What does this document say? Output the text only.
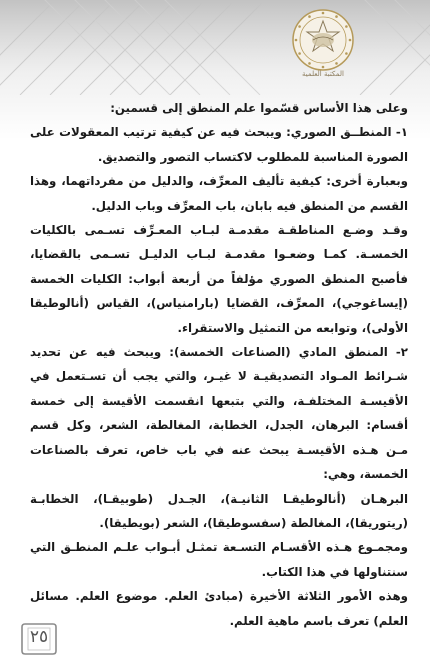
المكتبة العلمية

وعلى هذا الأساس قسّموا علم المنطق إلى قسمين:

١- المنطــق الصوري: ويبحث فيه عن كيفية ترتيب المعقولات على الصورة المناسبة للمطلوب لاكتساب التصور والتصديق.

وبعبارة أخرى: كيفية تأليف المعرِّف، والدليل من مفرداتهما، وهذا القسم من المنطق فيه بابان، باب المعرِّف وباب الدليل.

وقـد وضـع المناطقـة مقدمـة لبـاب المعـرِّف تسـمى بالكليات الخمسـة. كمـا وضعـوا مقدمـة لبـاب الدليـل تسـمى بالقضايا، فأصبح المنطق الصوري مؤلفاً من أربعة أبواب: الكليات الخمسة (إيساغوجي)، المعرِّف، القضايا (بارامنياس)، القياس (أنالوطيقا الأولى)، وتوابعه من التمثيل والاستقراء.

٢- المنطق المادي (الصناعات الخمسة): ويبحث فيه عن تحديد شـرائط المـواد التصديقيـة لا غيـر، والتي يجب أن تسـتعمل في الأقيسـة المختلفـة، والتي بتبعها انقسمت الأقيسة إلى خمسة أقسام: البرهان، الجدل، الخطابة، المغالطة، الشعر، وكل قسم مـن هـذه الأقيسـة يبحث عنه في باب خاص، تعرف بالصناعات الخمسة، وهي:

البرهـان (أنالوطيقـا الثانيـة)، الجـدل (طوبيقـا)، الخطابـة (ريتوريقا)، المغالطة (سفسوطيقا)، الشعر (بويطيقا).

ومجمـوع هـذه الأقسـام التسـعة تمثـل أبـواب علـم المنطـق التي سنتناولها في هذا الكتاب.

وهذه الأمور الثلاثة الأخيرة (مبادئ العلم. موضوع العلم. مسائل العلم) تعرف باسم ماهية العلم.

٢٥
